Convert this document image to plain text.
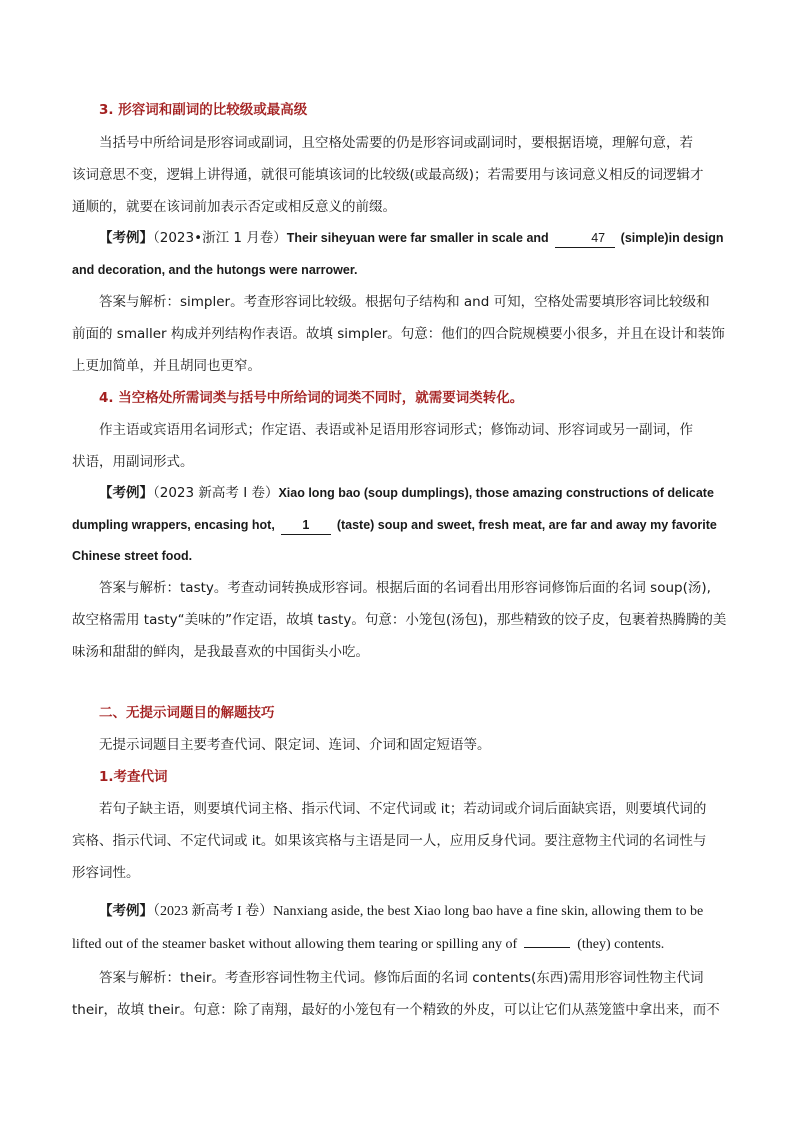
3. 形容词和副词的比较级或最高级

当括号中所给词是形容词或副词，且空格处需要的仍是形容词或副词时，要根据语境，理解句意，若

该词意思不变，逻辑上讲得通，就很可能填该词的比较级(或最高级)；若需要用与该词意义相反的词逻辑才

通顺的，就要在该词前加表示否定或相反意义的前缀。

【考例】（2023•浙江 1 月卷）Their siheyuan were far smaller in scale and	47 (simple)in design

and decoration, and the hutongs were narrower.

答案与解析：simpler。考查形容词比较级。根据句子结构和 and 可知，空格处需要填形容词比较级和

前面的 smaller 构成并列结构作表语。故填 simpler。句意：他们的四合院规模要小很多，并且在设计和装饰

上更加简单，并且胡同也更窄。

4. 当空格处所需词类与括号中所给词的词类不同时，就需要词类转化。

作主语或宾语用名词形式；作定语、表语或补足语用形容词形式；修饰动词、形容词或另一副词，作

状语，用副词形式。

【考例】（2023 新高考 I 卷）Xiao long bao (soup dumplings), those amazing constructions of delicate

dumpling wrappers, encasing hot, 1 (taste) soup and sweet, fresh meat, are far and away my favorite

Chinese street food.

答案与解析：tasty。考查动词转换成形容词。根据后面的名词看出用形容词修饰后面的名词 soup(汤),

故空格需用 tasty“美味的”作定语，故填 tasty。句意：小笼包(汤包)，那些精致的饺子皮，包裹着热腾腾的美

味汤和甜甜的鲜肉，是我最喜欢的中国街头小吃。

二、无提示词题目的解题技巧

无提示词题目主要考查代词、限定词、连词、介词和固定短语等。

1.考查代词

若句子缺主语，则要填代词主格、指示代词、不定代词或 it；若动词或介词后面缺宾语，则要填代词的

宾格、指示代词、不定代词或 it。如果该宾格与主语是同一人，应用反身代词。要注意物主代词的名词性与

形容词性。

【考例】（2023 新高考 I 卷）Nanxiang aside, the best Xiao long bao have a fine skin, allowing them to be

lifted out of the steamer basket without allowing them tearing or spilling any of	(they) contents.

答案与解析：their。考查形容词性物主代词。修饰后面的名词 contents(东西)需用形容词性物主代词

their，故填 their。句意：除了南翔，最好的小笼包有一个精致的外皮，可以让它们从蒸笼篮中拿出来，而不
